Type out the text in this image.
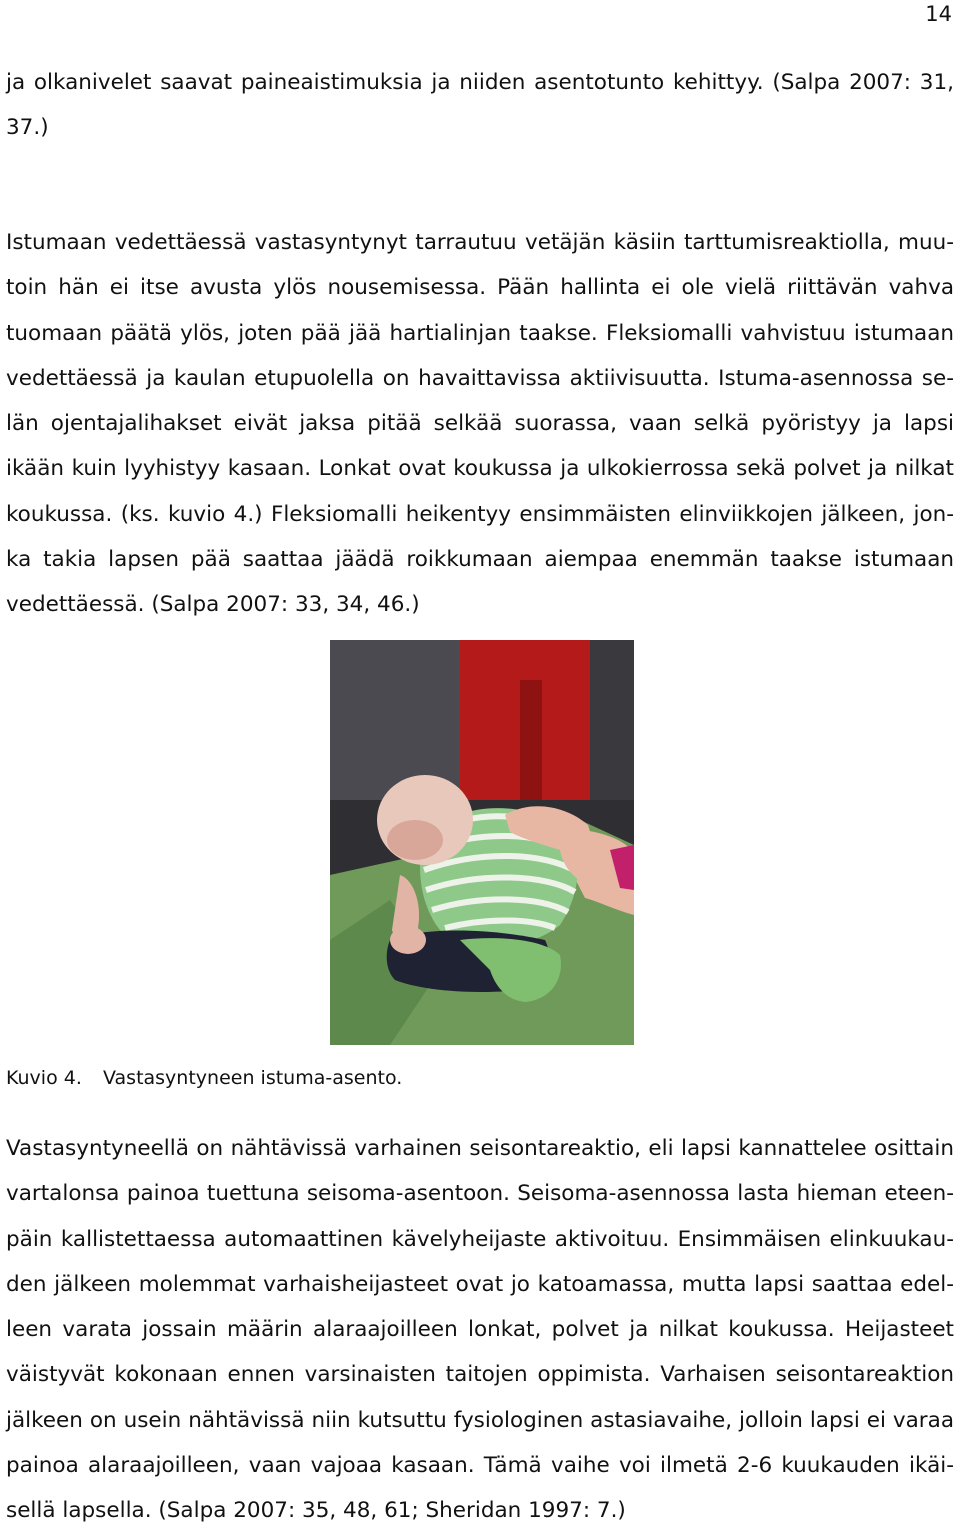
14
ja olkanivelet saavat paineaistimuksia ja niiden asentotunto kehittyy. (Salpa 2007: 31,
37.)
Istumaan vedettäessä vastasyntynyt tarrautuu vetäjän käsiin tarttumisreaktiolla, muu-
toin hän ei itse avusta ylös nousemisessa. Pään hallinta ei ole vielä riittävän vahva
tuomaan päätä ylös, joten pää jää hartialinjan taakse. Fleksiomalli vahvistuu istumaan
vedettäessä ja kaulan etupuolella on havaittavissa aktiivisuutta. Istuma-asennossa se-
län ojentajalihakset eivät jaksa pitää selkää suorassa, vaan selkä pyöristyy ja lapsi
ikään kuin lyyhistyy kasaan. Lonkat ovat koukussa ja ulkokierrossa sekä polvet ja nilkat
koukussa. (ks. kuvio 4.) Fleksiomalli heikentyy ensimmäisten elinviikkojen jälkeen, jon-
ka takia lapsen pää saattaa jäädä roikkumaan aiempaa enemmän taakse istumaan
vedettäessä. (Salpa 2007: 33, 34, 46.)
Kuvio 4. Vastasyntyneen istuma-asento.
Vastasyntyneellä on nähtävissä varhainen seisontareaktio, eli lapsi kannattelee osittain
vartalonsa painoa tuettuna seisoma-asentoon. Seisoma-asennossa lasta hieman eteen-
päin kallistettaessa automaattinen kävelyheijaste aktivoituu. Ensimmäisen elinkuukau-
den jälkeen molemmat varhaisheijasteet ovat jo katoamassa, mutta lapsi saattaa edel-
leen varata jossain määrin alaraajoilleen lonkat, polvet ja nilkat koukussa. Heijasteet
väistyvät kokonaan ennen varsinaisten taitojen oppimista. Varhaisen seisontareaktion
jälkeen on usein nähtävissä niin kutsuttu fysiologinen astasiavaihe, jolloin lapsi ei varaa
painoa alaraajoilleen, vaan vajoaa kasaan. Tämä vaihe voi ilmetä 2-6 kuukauden ikäi-
sellä lapsella. (Salpa 2007: 35, 48, 61; Sheridan 1997: 7.)
